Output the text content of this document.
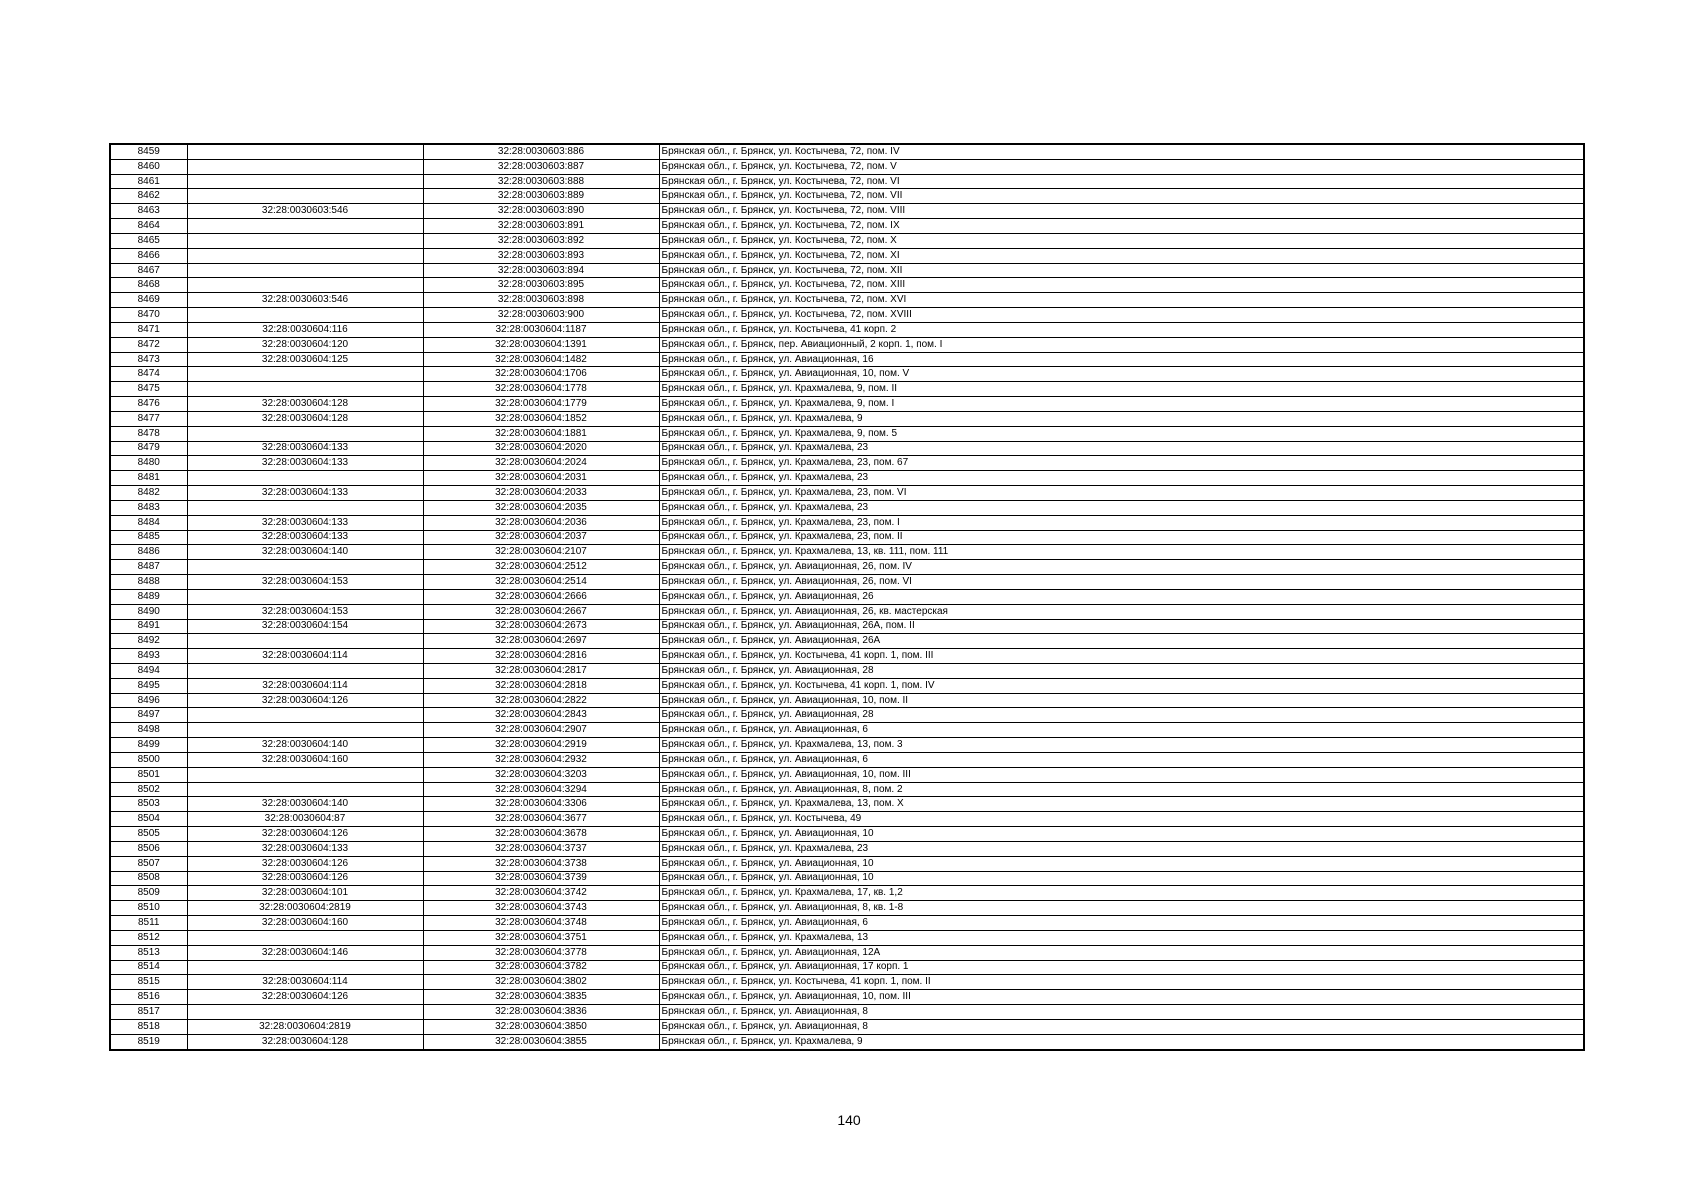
8459		32:28:0030603:886	Брянская обл., г. Брянск, ул. Костычева, 72, пом. IV
8460		32:28:0030603:887	Брянская обл., г. Брянск, ул. Костычева, 72, пом. V
8461		32:28:0030603:888	Брянская обл., г. Брянск, ул. Костычева, 72, пом. VI
8462		32:28:0030603:889	Брянская обл., г. Брянск, ул. Костычева, 72, пом. VII
8463	32:28:0030603:546	32:28:0030603:890	Брянская обл., г. Брянск, ул. Костычева, 72, пом. VIII
8464		32:28:0030603:891	Брянская обл., г. Брянск, ул. Костычева, 72, пом. IX
8465		32:28:0030603:892	Брянская обл., г. Брянск, ул. Костычева, 72, пом. X
8466		32:28:0030603:893	Брянская обл., г. Брянск, ул. Костычева, 72, пом. XI
8467		32:28:0030603:894	Брянская обл., г. Брянск, ул. Костычева, 72, пом. XII
8468		32:28:0030603:895	Брянская обл., г. Брянск, ул. Костычева, 72, пом. XIII
8469	32:28:0030603:546	32:28:0030603:898	Брянская обл., г. Брянск, ул. Костычева, 72, пом. XVI
8470		32:28:0030603:900	Брянская обл., г. Брянск, ул. Костычева, 72, пом. XVIII
8471	32:28:0030604:116	32:28:0030604:1187	Брянская обл., г. Брянск, ул. Костычева, 41 корп. 2
8472	32:28:0030604:120	32:28:0030604:1391	Брянская обл., г. Брянск, пер. Авиационный, 2 корп. 1, пом. I
8473	32:28:0030604:125	32:28:0030604:1482	Брянская обл., г. Брянск, ул. Авиационная, 16
8474		32:28:0030604:1706	Брянская обл., г. Брянск, ул. Авиационная, 10, пом. V
8475		32:28:0030604:1778	Брянская обл., г. Брянск, ул. Крахмалева, 9, пом. II
8476	32:28:0030604:128	32:28:0030604:1779	Брянская обл., г. Брянск, ул. Крахмалева, 9, пом. I
8477	32:28:0030604:128	32:28:0030604:1852	Брянская обл., г. Брянск, ул. Крахмалева, 9
8478		32:28:0030604:1881	Брянская обл., г. Брянск, ул. Крахмалева, 9, пом. 5
8479	32:28:0030604:133	32:28:0030604:2020	Брянская обл., г. Брянск, ул. Крахмалева, 23
8480	32:28:0030604:133	32:28:0030604:2024	Брянская обл., г. Брянск, ул. Крахмалева, 23, пом. 67
8481		32:28:0030604:2031	Брянская обл., г. Брянск, ул. Крахмалева, 23
8482	32:28:0030604:133	32:28:0030604:2033	Брянская обл., г. Брянск, ул. Крахмалева, 23, пом. VI
8483		32:28:0030604:2035	Брянская обл., г. Брянск, ул. Крахмалева, 23
8484	32:28:0030604:133	32:28:0030604:2036	Брянская обл., г. Брянск, ул. Крахмалева, 23, пом. I
8485	32:28:0030604:133	32:28:0030604:2037	Брянская обл., г. Брянск, ул. Крахмалева, 23, пом. II
8486	32:28:0030604:140	32:28:0030604:2107	Брянская обл., г. Брянск, ул. Крахмалева, 13, кв. 111, пом. 111
8487		32:28:0030604:2512	Брянская обл., г. Брянск, ул. Авиационная, 26, пом. IV
8488	32:28:0030604:153	32:28:0030604:2514	Брянская обл., г. Брянск, ул. Авиационная, 26, пом. VI
8489		32:28:0030604:2666	Брянская обл., г. Брянск, ул. Авиационная, 26
8490	32:28:0030604:153	32:28:0030604:2667	Брянская обл., г. Брянск, ул. Авиационная, 26, кв. мастерская
8491	32:28:0030604:154	32:28:0030604:2673	Брянская обл., г. Брянск, ул. Авиационная, 26А, пом. II
8492		32:28:0030604:2697	Брянская обл., г. Брянск, ул. Авиационная, 26А
8493	32:28:0030604:114	32:28:0030604:2816	Брянская обл., г. Брянск, ул. Костычева, 41 корп. 1, пом. III
8494		32:28:0030604:2817	Брянская обл., г. Брянск, ул. Авиационная, 28
8495	32:28:0030604:114	32:28:0030604:2818	Брянская обл., г. Брянск, ул. Костычева, 41 корп. 1, пом. IV
8496	32:28:0030604:126	32:28:0030604:2822	Брянская обл., г. Брянск, ул. Авиационная, 10, пом. II
8497		32:28:0030604:2843	Брянская обл., г. Брянск, ул. Авиационная, 28
8498		32:28:0030604:2907	Брянская обл., г. Брянск, ул. Авиационная, 6
8499	32:28:0030604:140	32:28:0030604:2919	Брянская обл., г. Брянск, ул. Крахмалева, 13, пом. 3
8500	32:28:0030604:160	32:28:0030604:2932	Брянская обл., г. Брянск, ул. Авиационная, 6
8501		32:28:0030604:3203	Брянская обл., г. Брянск, ул. Авиационная, 10, пом. III
8502		32:28:0030604:3294	Брянская обл., г. Брянск, ул. Авиационная, 8, пом. 2
8503	32:28:0030604:140	32:28:0030604:3306	Брянская обл., г. Брянск, ул. Крахмалева, 13, пом. X
8504	32:28:0030604:87	32:28:0030604:3677	Брянская обл., г. Брянск, ул. Костычева, 49
8505	32:28:0030604:126	32:28:0030604:3678	Брянская обл., г. Брянск, ул. Авиационная, 10
8506	32:28:0030604:133	32:28:0030604:3737	Брянская обл., г. Брянск, ул. Крахмалева, 23
8507	32:28:0030604:126	32:28:0030604:3738	Брянская обл., г. Брянск, ул. Авиационная, 10
8508	32:28:0030604:126	32:28:0030604:3739	Брянская обл., г. Брянск, ул. Авиационная, 10
8509	32:28:0030604:101	32:28:0030604:3742	Брянская обл., г. Брянск, ул. Крахмалева, 17, кв. 1,2
8510	32:28:0030604:2819	32:28:0030604:3743	Брянская обл., г. Брянск, ул. Авиационная, 8, кв. 1-8
8511	32:28:0030604:160	32:28:0030604:3748	Брянская обл., г. Брянск, ул. Авиационная, 6
8512		32:28:0030604:3751	Брянская обл., г. Брянск, ул. Крахмалева, 13
8513	32:28:0030604:146	32:28:0030604:3778	Брянская обл., г. Брянск, ул. Авиационная, 12А
8514		32:28:0030604:3782	Брянская обл., г. Брянск, ул. Авиационная, 17 корп. 1
8515	32:28:0030604:114	32:28:0030604:3802	Брянская обл., г. Брянск, ул. Костычева, 41 корп. 1, пом. II
8516	32:28:0030604:126	32:28:0030604:3835	Брянская обл., г. Брянск, ул. Авиационная, 10, пом. III
8517		32:28:0030604:3836	Брянская обл., г. Брянск, ул. Авиационная, 8
8518	32:28:0030604:2819	32:28:0030604:3850	Брянская обл., г. Брянск, ул. Авиационная, 8
8519	32:28:0030604:128	32:28:0030604:3855	Брянская обл., г. Брянск, ул. Крахмалева, 9
140
